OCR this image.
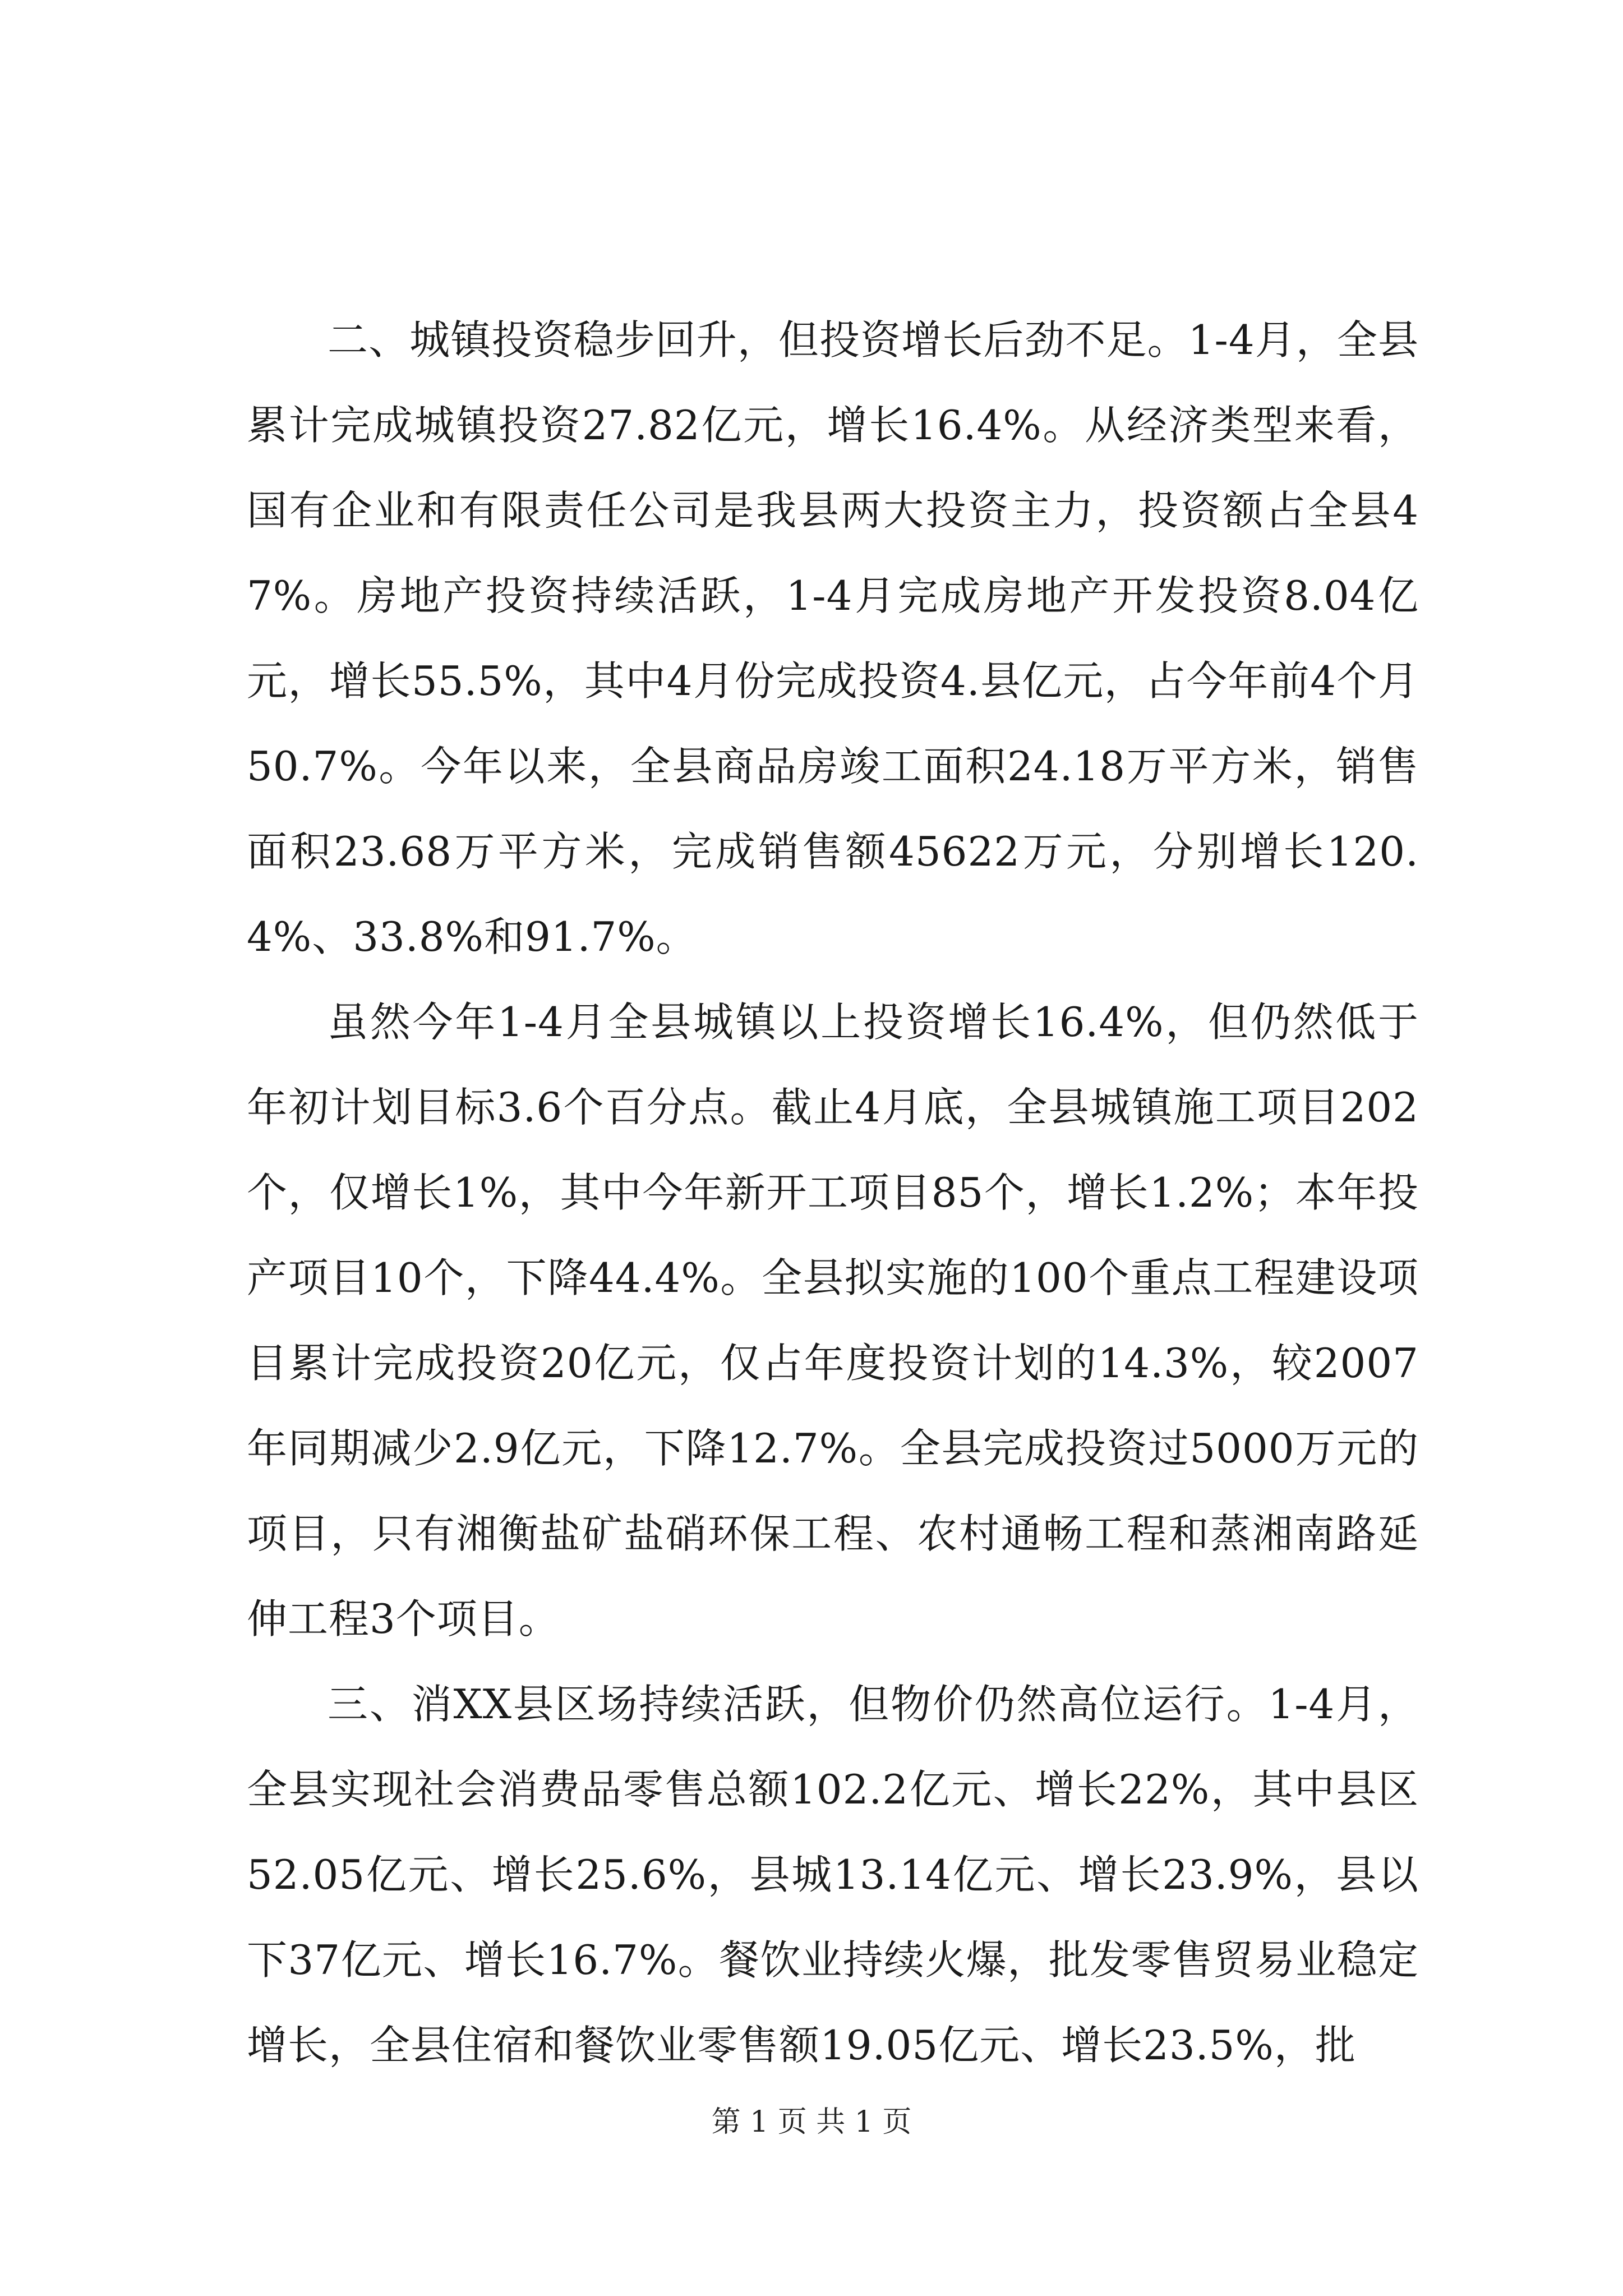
二、城镇投资稳步回升，但投资增长后劲不足。1-4月，全县累计完成城镇投资27.82亿元，增长16.4%。从经济类型来看，国有企业和有限责任公司是我县两大投资主力，投资额占全县47%。房地产投资持续活跃，1-4月完成房地产开发投资8.04亿元，增长55.5%，其中4月份完成投资4.县亿元，占今年前4个月50.7%。今年以来，全县商品房竣工面积24.18万平方米，销售面积23.68万平方米，完成销售额45622万元，分别增长120.4%、33.8%和91.7%。

虽然今年1-4月全县城镇以上投资增长16.4%，但仍然低于年初计划目标3.6个百分点。截止4月底，全县城镇施工项目202个，仅增长1%，其中今年新开工项目85个，增长1.2%；本年投产项目10个，下降44.4%。全县拟实施的100个重点工程建设项目累计完成投资20亿元，仅占年度投资计划的14.3%，较2007年同期减少2.9亿元，下降12.7%。全县完成投资过5000万元的项目，只有湘衡盐矿盐硝环保工程、农村通畅工程和蒸湘南路延伸工程3个项目。

三、消XX县区场持续活跃，但物价仍然高位运行。1-4月，全县实现社会消费品零售总额102.2亿元、增长22%，其中县区52.05亿元、增长25.6%，县城13.14亿元、增长23.9%，县以下37亿元、增长16.7%。餐饮业持续火爆，批发零售贸易业稳定增长，全县住宿和餐饮业零售额19.05亿元、增长23.5%，批

第 1 页 共 1 页
